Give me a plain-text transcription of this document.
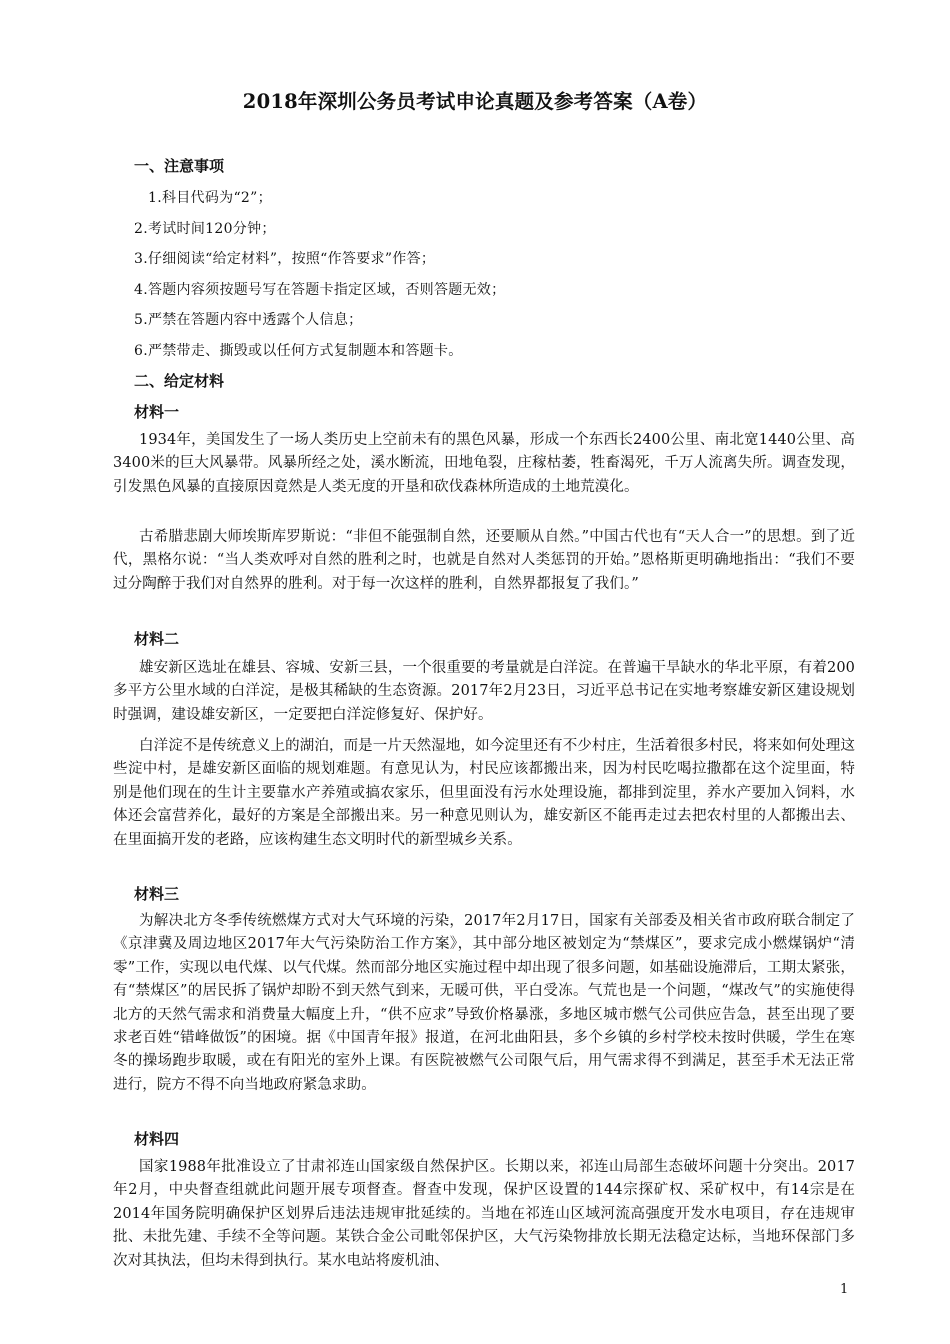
2018年深圳公务员考试申论真题及参考答案（A卷）
一、注意事项
1.科目代码为“2”；
2.考试时间120分钟；
3.仔细阅读“给定材料”，按照“作答要求”作答；
4.答题内容须按题号写在答题卡指定区域，否则答题无效；
5.严禁在答题内容中透露个人信息；
6.严禁带走、撕毁或以任何方式复制题本和答题卡。
二、给定材料
材料一
1934年，美国发生了一场人类历史上空前未有的黑色风暴，形成一个东西长2400公里、南北宽1440公里、高3400米的巨大风暴带。风暴所经之处，溪水断流，田地龟裂，庄稼枯萎，牲畜渴死，千万人流离失所。调查发现，引发黑色风暴的直接原因竟然是人类无度的开垦和砍伐森林所造成的土地荒漠化。
古希腊悲剧大师埃斯库罗斯说：“非但不能强制自然，还要顺从自然。”中国古代也有“天人合一”的思想。到了近代，黑格尔说：“当人类欢呼对自然的胜利之时，也就是自然对人类惩罚的开始。”恩格斯更明确地指出：“我们不要过分陶醉于我们对自然界的胜利。对于每一次这样的胜利，自然界都报复了我们。”
材料二
雄安新区选址在雄县、容城、安新三县，一个很重要的考量就是白洋淀。在普遍干旱缺水的华北平原，有着200多平方公里水域的白洋淀，是极其稀缺的生态资源。2017年2月23日，习近平总书记在实地考察雄安新区建设规划时强调，建设雄安新区，一定要把白洋淀修复好、保护好。
白洋淀不是传统意义上的湖泊，而是一片天然湿地，如今淀里还有不少村庄，生活着很多村民，将来如何处理这些淀中村，是雄安新区面临的规划难题。有意见认为，村民应该都搬出来，因为村民吃喝拉撒都在这个淀里面，特别是他们现在的生计主要靠水产养殖或搞农家乐，但里面没有污水处理设施，都排到淀里，养水产要加入饲料，水体还会富营养化，最好的方案是全部搬出来。另一种意见则认为，雄安新区不能再走过去把农村里的人都搬出去、在里面搞开发的老路，应该构建生态文明时代的新型城乡关系。
材料三
为解决北方冬季传统燃煤方式对大气环境的污染，2017年2月17日，国家有关部委及相关省市政府联合制定了《京津冀及周边地区2017年大气污染防治工作方案》，其中部分地区被划定为“禁煤区”，要求完成小燃煤锅炉“清零”工作，实现以电代煤、以气代煤。然而部分地区实施过程中却出现了很多问题，如基础设施滞后，工期太紧张，有“禁煤区”的居民拆了锅炉却盼不到天然气到来，无暖可供，平白受冻。气荒也是一个问题，“煤改气”的实施使得北方的天然气需求和消费量大幅度上升，“供不应求”导致价格暴涨，多地区城市燃气公司供应告急，甚至出现了要求老百姓“错峰做饭”的困境。据《中国青年报》报道，在河北曲阳县，多个乡镇的乡村学校未按时供暖，学生在寒冬的操场跑步取暖，或在有阳光的室外上课。有医院被燃气公司限气后，用气需求得不到满足，甚至手术无法正常进行，院方不得不向当地政府紧急求助。
材料四
国家1988年批准设立了甘肃祁连山国家级自然保护区。长期以来，祁连山局部生态破坏问题十分突出。2017年2月，中央督查组就此问题开展专项督查。督查中发现，保护区设置的144宗探矿权、采矿权中，有14宗是在2014年国务院明确保护区划界后违法违规审批延续的。当地在祁连山区域河流高强度开发水电项目，存在违规审批、未批先建、手续不全等问题。某铁合金公司毗邻保护区，大气污染物排放长期无法稳定达标，当地环保部门多次对其执法，但均未得到执行。某水电站将废机油、
1
